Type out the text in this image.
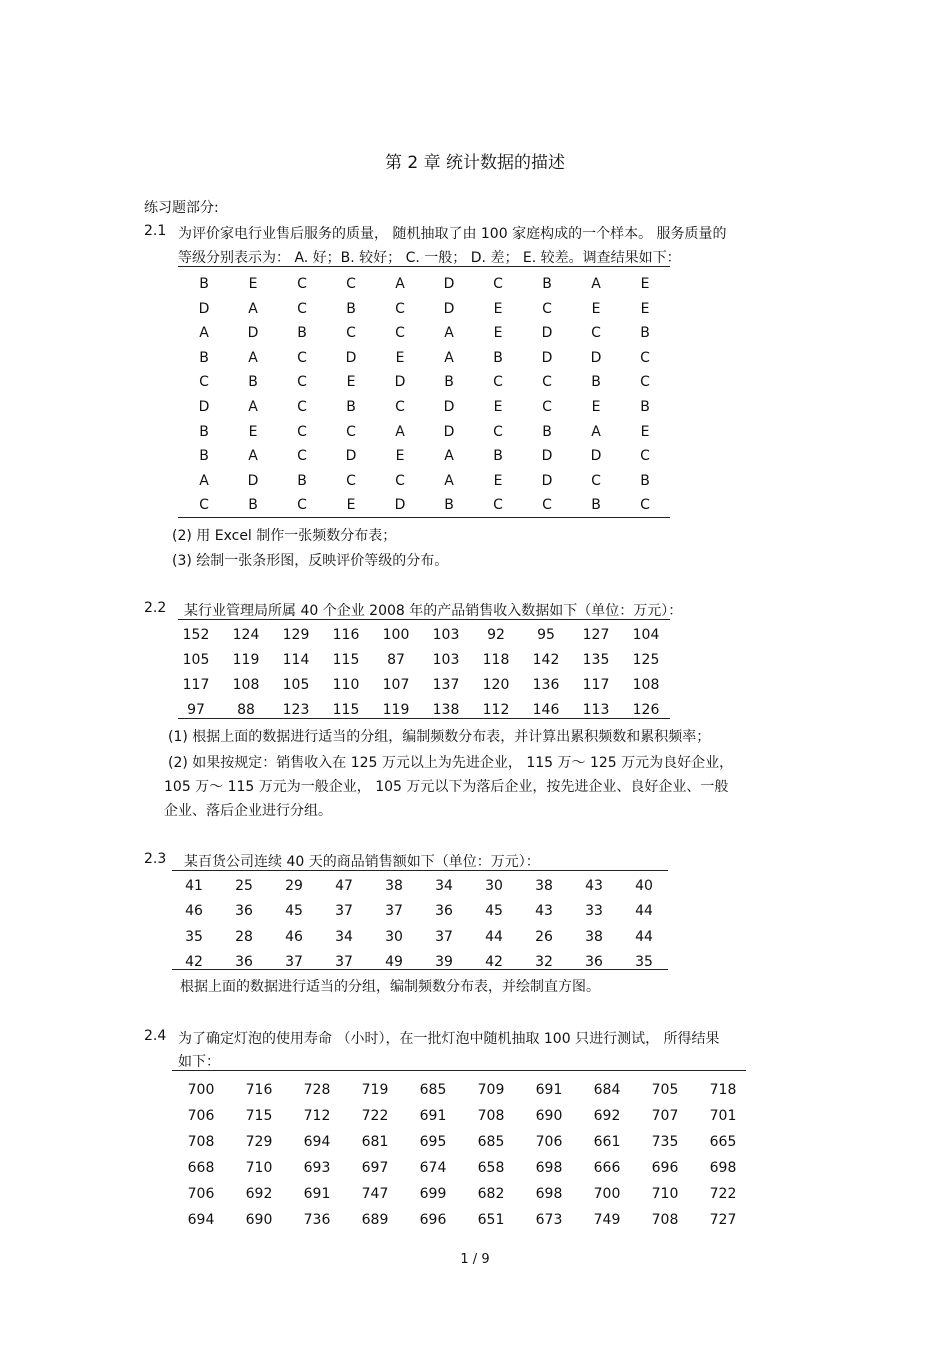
第 2 章 统计数据的描述
练习题部分:
2.1 为评价家电行业售后服务的质量， 随机抽取了由 100 家庭构成的一个样本。 服务质量的
等级分别表示为： A. 好；B. 较好； C. 一般； D. 差； E. 较差。调查结果如下：
B	E	C	C	A	D	C	B	A	E
D	A	C	B	C	D	E	C	E	E
A	D	B	C	C	A	E	D	C	B
B	A	C	D	E	A	B	D	D	C
C	B	C	E	D	B	C	C	B	C
D	A	C	B	C	D	E	C	E	B
B	E	C	C	A	D	C	B	A	E
B	A	C	D	E	A	B	D	D	C
A	D	B	C	C	A	E	D	C	B
C	B	C	E	D	B	C	C	B	C
(2) 用 Excel 制作一张频数分布表；
(3) 绘制一张条形图，反映评价等级的分布。
2.2 某行业管理局所属 40 个企业 2008 年的产品销售收入数据如下（单位：万元）：
152	124	129	116	100	103	92	95	127	104
105	119	114	115	87	103	118	142	135	125
117	108	105	110	107	137	120	136	117	108
97	88	123	115	119	138	112	146	113	126
(1) 根据上面的数据进行适当的分组，编制频数分布表，并计算出累积频数和累积频率；
(2) 如果按规定：销售收入在 125 万元以上为先进企业， 115 万～ 125 万元为良好企业，
105 万～ 115 万元为一般企业， 105 万元以下为落后企业，按先进企业、良好企业、一般
企业、落后企业进行分组。
2.3 某百货公司连续 40 天的商品销售额如下（单位：万元）：
41	25	29	47	38	34	30	38	43	40
46	36	45	37	37	36	45	43	33	44
35	28	46	34	30	37	44	26	38	44
42	36	37	37	49	39	42	32	36	35
根据上面的数据进行适当的分组，编制频数分布表，并绘制直方图。
2.4 为了确定灯泡的使用寿命 （小时），在一批灯泡中随机抽取 100 只进行测试， 所得结果
如下：
700	716	728	719	685	709	691	684	705	718
706	715	712	722	691	708	690	692	707	701
708	729	694	681	695	685	706	661	735	665
668	710	693	697	674	658	698	666	696	698
706	692	691	747	699	682	698	700	710	722
694	690	736	689	696	651	673	749	708	727
1 / 9
